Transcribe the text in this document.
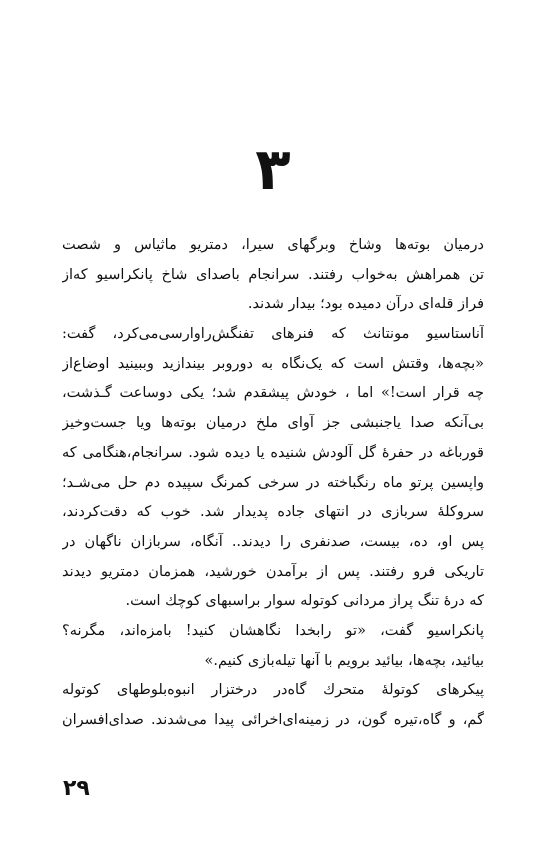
۳
درمیان بوته‌ها وشاخ وبرگهای سیرا، دمتریو ماثیاس و شصت
تن همراهش به‌خواب رفتند. سرانجام باصدای شاخ پانکراسیو که‌از
فراز قله‌ای درآن دمیده بود؛ بیدار شدند.
آناستاسیو مونتانث که فنرهای تفنگش‌راوارسی‌می‌کرد، گفت:
«بچه‌ها، وقتش است که یک‌نگاه به دوروبر بیندازید وببینید اوضاع‌از
چه قرار است!» اما ، خودش پیشقدم شد؛ یکی دوساعت گـذشت،
بی‌آنکه صدا یاجنبشی جز آوای ملخ درمیان بوته‌ها ویا جست‌وخیز
قورباغه در حفرهٔ گل آلودش شنیده یا دیده شود. سرانجام،هنگامی که
واپسین پرتو ماه رنگباخته در سرخی کمرنگ سپیده دم حل می‌شـد؛
سروکلهٔ سربازی در انتهای جاده پدیدار شد. خوب که دقت‌کردند،
پس او، ده، بیست، صدنفری را دیدند.. آنگاه، سربازان ناگهان در
تاریکی فرو رفتند. پس از برآمدن خورشید، همزمان دمتریو دیدند
که درهٔ تنگ پراز مردانی کوتوله سوار براسبهای کوچك است.
پانکراسیو گفت، «تو رابخدا نگاهشان کنید! بامزه‌اند، مگرنه؟
بیائید، بچه‌ها، بیائید برویم با آنها تیله‌بازی کنیم.»
پیکرهای کوتولهٔ متحرك گاه‌در درختزار انبوه‌بلوطهای کوتوله
گم، و گاه،تیره گون، در زمینه‌ای‌اخرائی پیدا می‌شدند. صدای‌افسران
۲۹
